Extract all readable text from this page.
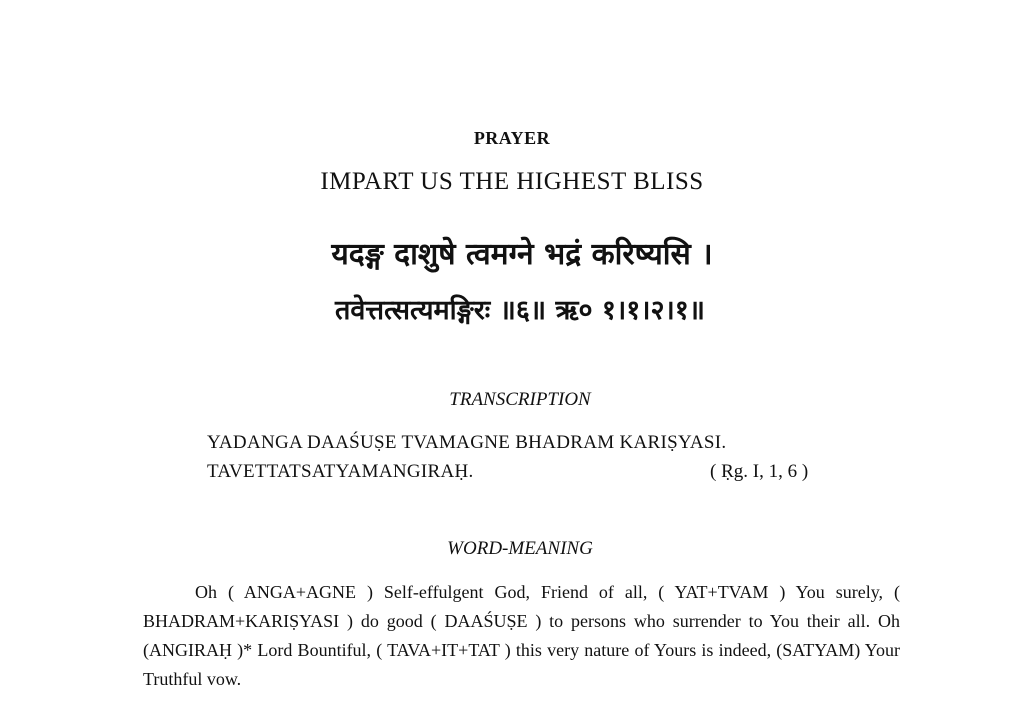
PRAYER
IMPART US THE HIGHEST BLISS
यदङ्ग दाशुषे त्वमग्ने भद्रं करिष्यसि ।
तवेत्तत्सत्यमङ्गिरः ॥६॥ ऋ० १।१।२।१॥
TRANSCRIPTION
YADANGA DAAŚUṢE TVAMAGNE BHADRAM KARIṢYASI.
TAVETTATSATYAMANGIRAḤ.	( Ṛg. I, 1, 6 )
WORD-MEANING
Oh ( ANGA+AGNE ) Self-effulgent God, Friend of all, ( YAT+TVAM ) You surely, ( BHADRAM+KARIṢYASI ) do good ( DAAŚUṢE ) to persons who surrender to You their all. Oh (ANGIRAḤ )* Lord Bountiful, ( TAVA+IT+TAT ) this very nature of Yours is indeed, (SATYAM) Your Truthful vow.
